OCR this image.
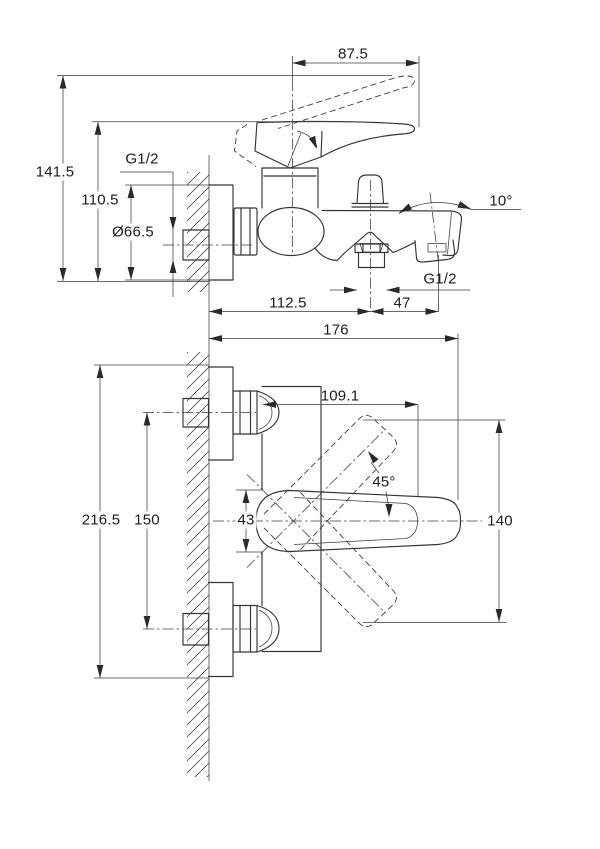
87.5
141.5
110.5
G1/2
Ø66.5
10°
112.5	47
G1/2
176
109.1
216.5 150	43
45°
140
